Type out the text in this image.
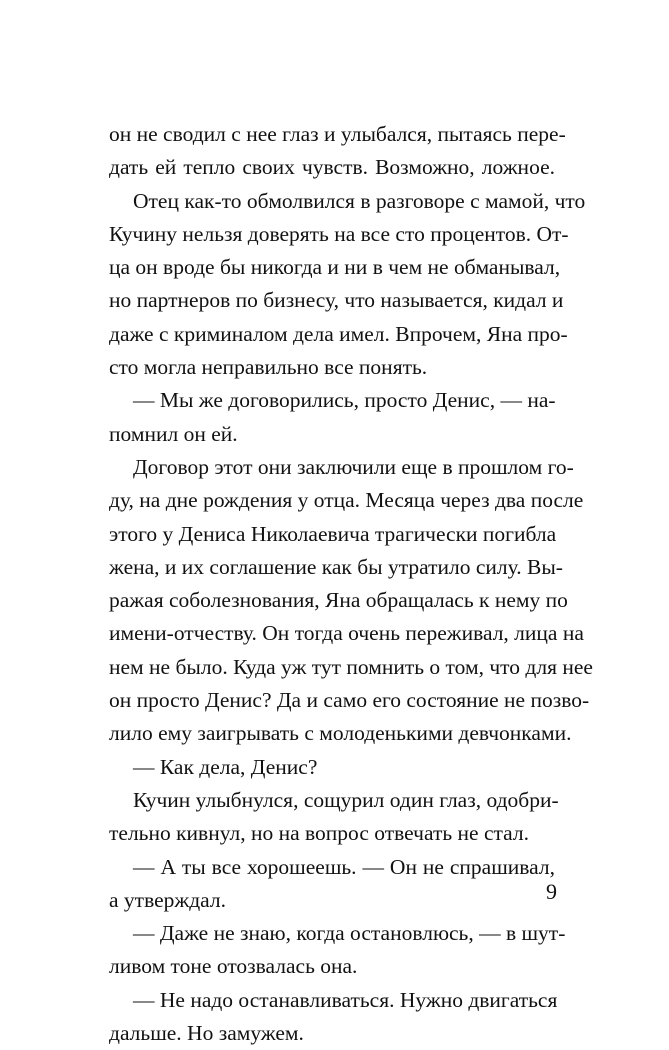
он не сводил с нее глаз и улыбался, пытаясь пере-
дать ей тепло своих чувств. Возможно, ложное.
Отец как-то обмолвился в разговоре с мамой, что
Кучину нельзя доверять на все сто процентов. От-
ца он вроде бы никогда и ни в чем не обманывал,
но партнеров по бизнесу, что называется, кидал и
даже с криминалом дела имел. Впрочем, Яна про-
сто могла неправильно все понять.
— Мы же договорились, просто Денис, — на-
помнил он ей.
Договор этот они заключили еще в прошлом го-
ду, на дне рождения у отца. Месяца через два после
этого у Дениса Николаевича трагически погибла
жена, и их соглашение как бы утратило силу. Вы-
ражая соболезнования, Яна обращалась к нему по
имени-отчеству. Он тогда очень переживал, лица на
нем не было. Куда уж тут помнить о том, что для нее
он просто Денис? Да и само его состояние не позво-
лило ему заигрывать с молоденькими девчонками.
— Как дела, Денис?
Кучин улыбнулся, сощурил один глаз, одобри-
тельно кивнул, но на вопрос отвечать не стал.
— А ты все хорошеешь. — Он не спрашивал,
а утверждал.
— Даже не знаю, когда остановлюсь, — в шут-
ливом тоне отозвалась она.
— Не надо останавливаться. Нужно двигаться
дальше. Но замужем.
9
